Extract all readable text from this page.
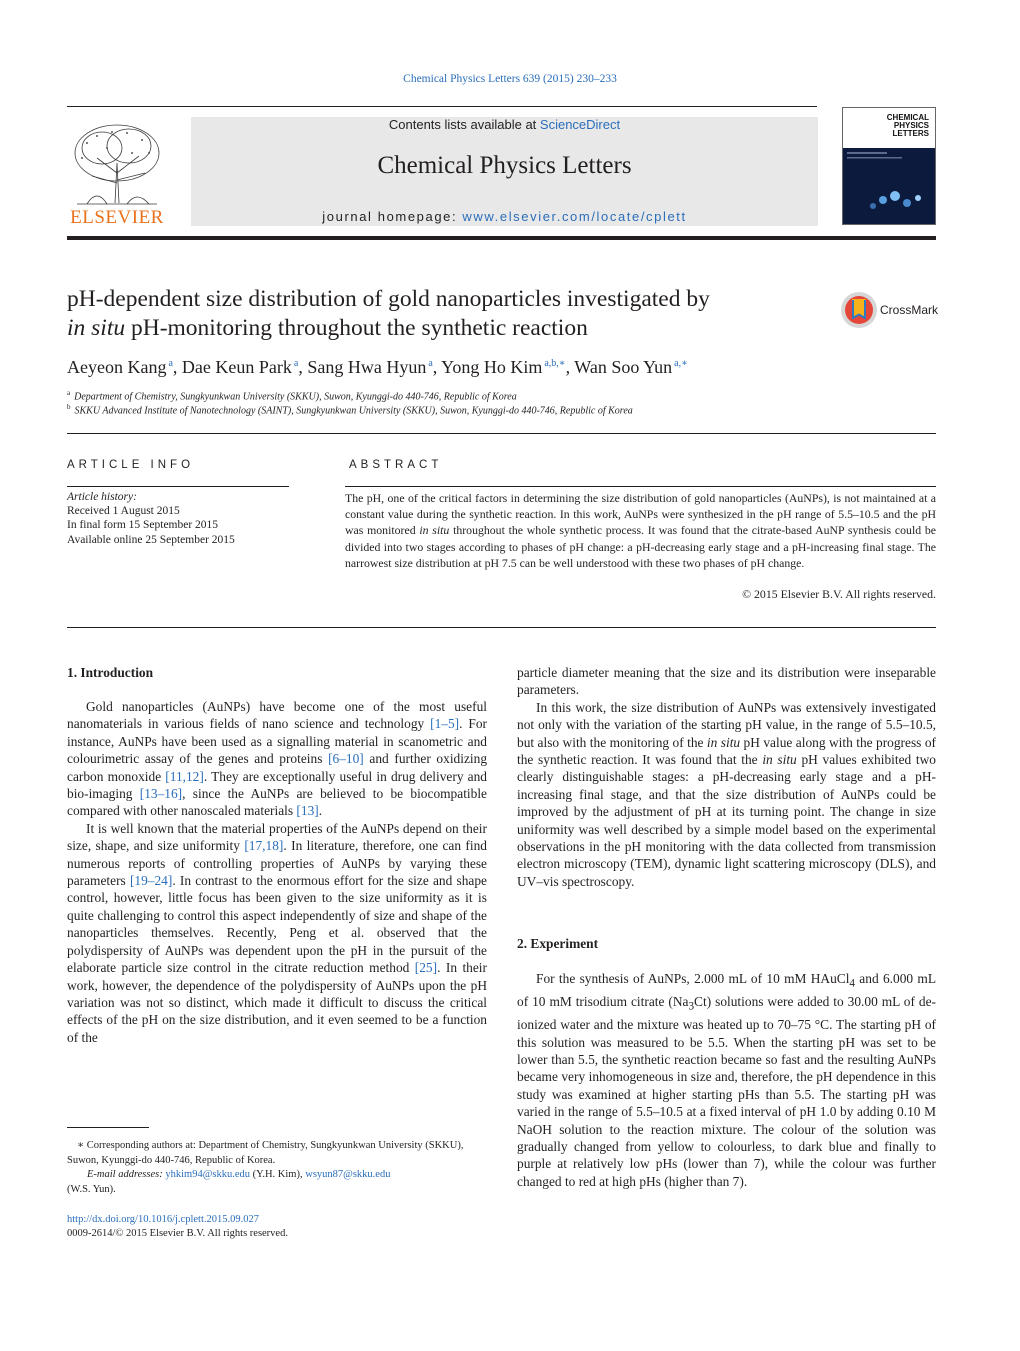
Chemical Physics Letters 639 (2015) 230–233
ELSEVIER
Contents lists available at ScienceDirect
Chemical Physics Letters
journal homepage: www.elsevier.com/locate/cplett
CHEMICAL PHYSICS LETTERS
pH-dependent size distribution of gold nanoparticles investigated by
in situ pH-monitoring throughout the synthetic reaction
CrossMark
Aeyeon Kang $^a$, Dae Keun Park $^a$, Sang Hwa Hyun $^a$, Yong Ho Kim $^{a,b,∗}$, Wan Soo Yun $^{a,∗}$
$^a$ Department of Chemistry, Sungkyunkwan University (SKKU), Suwon, Kyunggi-do 440-746, Republic of Korea
$^b$ SKKU Advanced Institute of Nanotechnology (SAINT), Sungkyunkwan University (SKKU), Suwon, Kyunggi-do 440-746, Republic of Korea
ARTICLE INFO
Article history:
Received 1 August 2015
In final form 15 September 2015
Available online 25 September 2015
ABSTRACT
The pH, one of the critical factors in determining the size distribution of gold nanoparticles (AuNPs), is not maintained at a constant value during the synthetic reaction. In this work, AuNPs were synthesized in the pH range of 5.5–10.5 and the pH was monitored in situ throughout the whole synthetic process. It was found that the citrate-based AuNP synthesis could be divided into two stages according to phases of pH change: a pH-decreasing early stage and a pH-increasing final stage. The narrowest size distribution at pH 7.5 can be well understood with these two phases of pH change.
© 2015 Elsevier B.V. All rights reserved.
1. Introduction

Gold nanoparticles (AuNPs) have become one of the most useful nanomaterials in various fields of nano science and technology [1–5]. For instance, AuNPs have been used as a signalling material in scanometric and colourimetric assay of the genes and proteins [6–10] and further oxidizing carbon monoxide [11,12]. They are exceptionally useful in drug delivery and bio-imaging [13–16], since the AuNPs are believed to be biocompatible compared with other nanoscaled materials [13].

It is well known that the material properties of the AuNPs depend on their size, shape, and size uniformity [17,18]. In literature, therefore, one can find numerous reports of controlling properties of AuNPs by varying these parameters [19–24]. In contrast to the enormous effort for the size and shape control, however, little focus has been given to the size uniformity as it is quite challenging to control this aspect independently of size and shape of the nanoparticles themselves. Recently, Peng et al. observed that the polydispersity of AuNPs was dependent upon the pH in the pursuit of the elaborate particle size control in the citrate reduction method [25]. In their work, however, the dependence of the polydispersity of AuNPs upon the pH variation was not so distinct, which made it difficult to discuss the critical effects of the pH on the size distribution, and it even seemed to be a function of the

∗ Corresponding authors at: Department of Chemistry, Sungkyunkwan University (SKKU), Suwon, Kyunggi-do 440-746, Republic of Korea.
E-mail addresses: yhkim94@skku.edu (Y.H. Kim), wsyun87@skku.edu
(W.S. Yun).
http://dx.doi.org/10.1016/j.cplett.2015.09.027
0009-2614/© 2015 Elsevier B.V. All rights reserved.

particle diameter meaning that the size and its distribution were inseparable parameters.

In this work, the size distribution of AuNPs was extensively investigated not only with the variation of the starting pH value, in the range of 5.5–10.5, but also with the monitoring of the in situ pH value along with the progress of the synthetic reaction. It was found that the in situ pH values exhibited two clearly distinguishable stages: a pH-decreasing early stage and a pH-increasing final stage, and that the size distribution of AuNPs could be improved by the adjustment of pH at its turning point. The change in size uniformity was well described by a simple model based on the experimental observations in the pH monitoring with the data collected from transmission electron microscopy (TEM), dynamic light scattering microscopy (DLS), and UV–vis spectroscopy.

2. Experiment

For the synthesis of AuNPs, 2.000 mL of 10 mM HAuCl$_4$ and 6.000 mL of 10 mM trisodium citrate $(Na_3Ct)$ solutions were added to 30.00 mL of de-ionized water and the mixture was heated up to 70–75 °C. The starting pH of this solution was measured to be 5.5. When the starting pH was set to be lower than 5.5, the synthetic reaction became so fast and the resulting AuNPs became very inhomogeneous in size and, therefore, the pH dependence in this study was examined at higher starting pHs than 5.5. The starting pH was varied in the range of 5.5–10.5 at a fixed interval of pH 1.0 by adding 0.10 M NaOH solution to the reaction mixture. The colour of the solution was gradually changed from yellow to colourless, to dark blue and finally to purple at relatively low pHs (lower than 7), while the colour was further changed to red at high pHs (higher than 7).
